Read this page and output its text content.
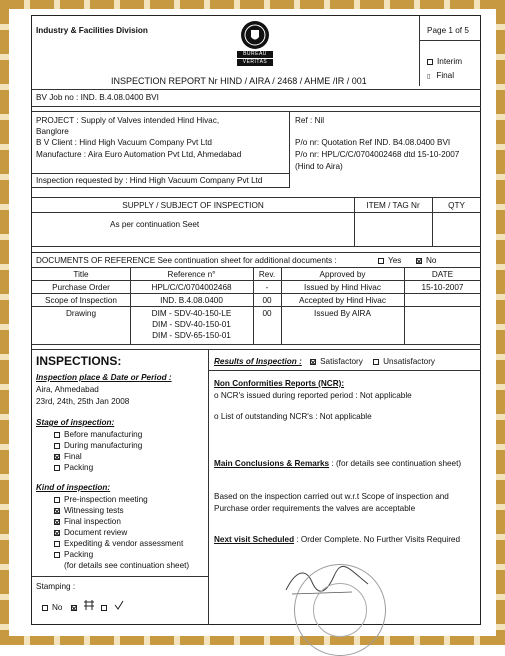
Industry & Facilities Division
BUREAU
VERITAS
Page 1 of 5
Interim
▯ Final
INSPECTION REPORT Nr HIND / AIRA / 2468 / AHME /IR / 001
BV Job no : IND. B.4.08.0400 BVI
PROJECT : Supply of Valves intended Hind Hivac,
Banglore
B V Client : Hind High Vacuum Company Pvt Ltd
Manufacture : Aira Euro Automation Pvt Ltd, Ahmedabad
Ref : Nil
P/o nr: Quotation Ref IND. B4.08.0400 BVI
P/o nr: HPL/C/C/0704002468 dtd 15-10-2007
(Hind to Aira)
Inspection requested by : Hind High Vacuum Company Pvt Ltd
SUPPLY / SUBJECT OF INSPECTION	ITEM / TAG Nr	QTY
As per continuation Seet
DOCUMENTS OF REFERENCE See continuation sheet for additional documents :	Yes	No
Title	Reference n°	Rev.	Approved by	DATE
Purchase Order	HPL/C/C/0704002468	-	Issued by Hind Hivac	15-10-2007
Scope of Inspection	IND. B.4.08.0400	00	Accepted by Hind Hivac
Drawing	DIM - SDV-40-150-LE	00	Issued By AIRA
DIM - SDV-40-150-01
DIM - SDV-65-150-01
INSPECTIONS:
Inspection place & Date or Period :
Aira, Ahmedabad
23rd, 24th, 25th Jan 2008
Stage of inspection:
Before manufacturing
During manufacturing
Final
Packing
Kind of inspection:
Pre-inspection meeting
Witnessing tests
Final inspection
Document review
Expediting & vendor assessment
Packing
(for details see continuation sheet)
Stamping :
No
Results of Inspection : Satisfactory Unsatisfactory
Non Conformities Reports (NCR):
o NCR's issued during reported period : Not applicable
o List of outstanding NCR's : Not applicable
Main Conclusions & Remarks : (for details see continuation sheet)
Based on the inspection carried out w.r.t Scope of inspection and Purchase order requirements the valves are acceptable
Next visit Scheduled : Order Complete. No Further Visits Required
